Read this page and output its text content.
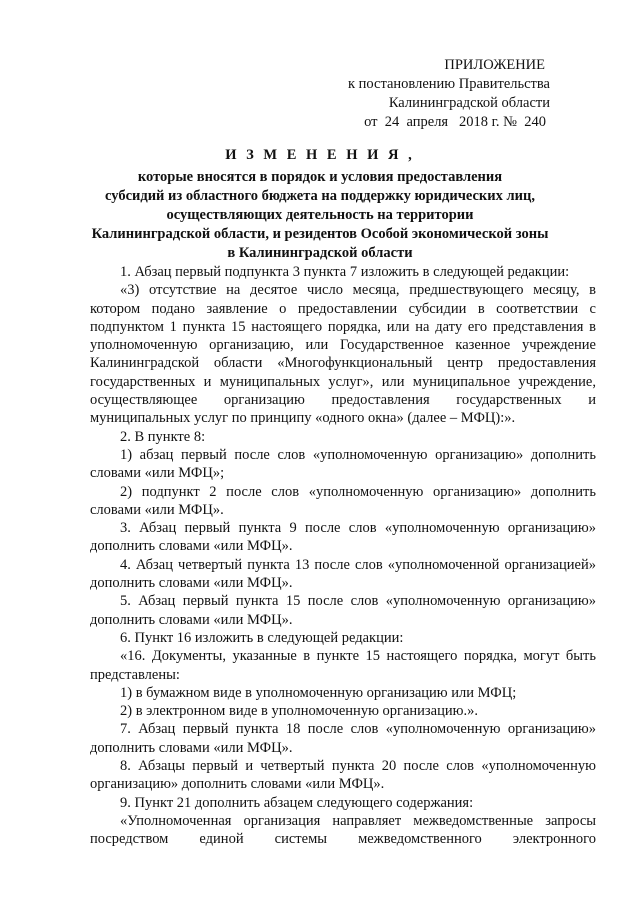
ПРИЛОЖЕНИЕ
к постановлению Правительства
Калининградской области
от  24  апреля   2018 г. №  240
И З М Е Н Е Н И Я ,
которые вносятся в порядок и условия предоставления
субсидий из областного бюджета на поддержку юридических лиц,
осуществляющих деятельность на территории
Калининградской области, и резидентов Особой экономической зоны
в Калининградской области
1. Абзац первый подпункта 3 пункта 7 изложить в следующей редакции:
«3) отсутствие на десятое число месяца, предшествующего месяцу, в котором подано заявление о предоставлении субсидии в соответствии с подпунктом 1 пункта 15 настоящего порядка, или на дату его представления в уполномоченную организацию, или Государственное казенное учреждение Калининградской области «Многофункциональный центр предоставления государственных и муниципальных услуг», или муниципальное учреждение, осуществляющее организацию предоставления государственных и муниципальных услуг по принципу «одного окна» (далее – МФЦ):».
2. В пункте 8:
1) абзац первый после слов «уполномоченную организацию» дополнить словами «или МФЦ»;
2) подпункт 2 после слов «уполномоченную организацию» дополнить словами «или МФЦ».
3. Абзац первый пункта 9 после слов «уполномоченную организацию» дополнить словами «или МФЦ».
4. Абзац четвертый пункта 13 после слов «уполномоченной организацией» дополнить словами «или МФЦ».
5. Абзац первый пункта 15 после слов «уполномоченную организацию» дополнить словами «или МФЦ».
6. Пункт 16 изложить в следующей редакции:
«16. Документы, указанные в пункте 15 настоящего порядка, могут быть представлены:
1) в бумажном виде в уполномоченную организацию или МФЦ;
2) в электронном виде в уполномоченную организацию.».
7. Абзац первый пункта 18 после слов «уполномоченную организацию» дополнить словами «или МФЦ».
8. Абзацы первый и четвертый пункта 20 после слов «уполномоченную организацию» дополнить словами «или МФЦ».
9. Пункт 21 дополнить абзацем следующего содержания:
«Уполномоченная организация направляет межведомственные запросы посредством единой системы межведомственного электронного
